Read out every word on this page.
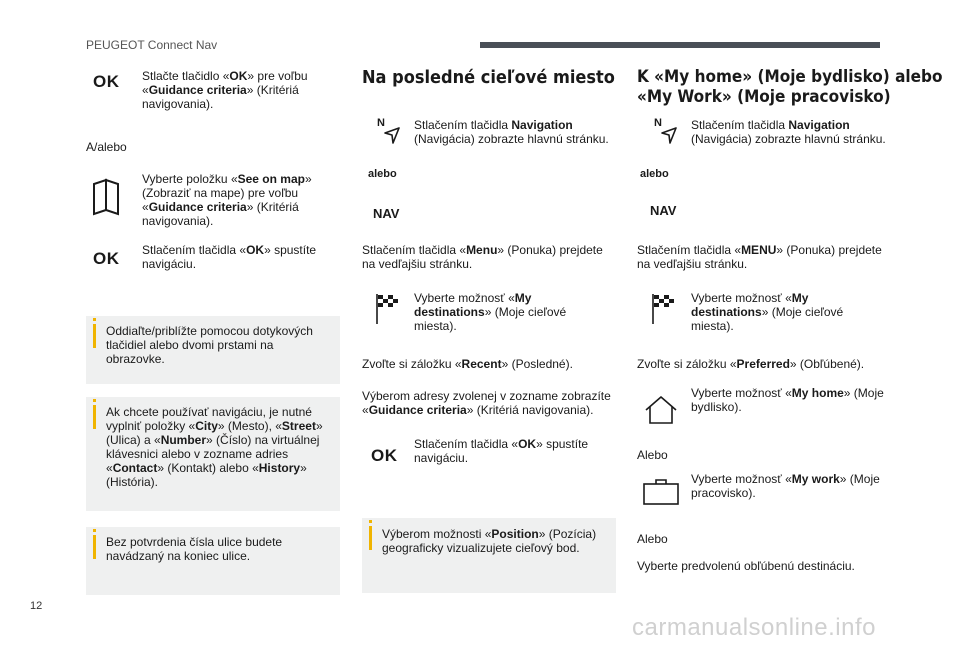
PEUGEOT Connect Nav
OK Stlačte tlačidlo «OK» pre voľbu «Guidance criteria» (Kritériá navigovania).

A/alebo

Vyberte položku «See on map» (Zobraziť na mape) pre voľbu «Guidance criteria» (Kritériá navigovania).

OK Stlačením tlačidla «OK» spustíte navigáciu.

Oddiaľte/priblížte pomocou dotykových tlačidiel alebo dvomi prstami na obrazovke.
Ak chcete používať navigáciu, je nutné vyplniť položky «City» (Mesto), «Street» (Ulica) a «Number» (Číslo) na virtuálnej klávesnici alebo v zozname adries «Contact» (Kontakt) alebo «History» (História).
Bez potvrdenia čísla ulice budete navádzaný na koniec ulice.
Na posledné cieľové miesto
N Stlačením tlačidla Navigation (Navigácia) zobrazte hlavnú stránku.

alebo
NAV

Stlačením tlačidla «Menu» (Ponuka) prejdete na vedľajšiu stránku.

Vyberte možnosť «My destinations» (Moje cieľové miesta).

Zvoľte si záložku «Recent» (Posledné).

Výberom adresy zvolenej v zozname zobrazíte «Guidance criteria» (Kritériá navigovania).

OK

Stlačením tlačidla «OK» spustíte navigáciu.

Výberom možnosti «Position» (Pozícia) geograficky vizualizujete cieľový bod.
K «My home» (Moje bydlisko) alebo
«My Work» (Moje pracovisko)
N Stlačením tlačidla Navigation (Navigácia) zobrazte hlavnú stránku.

alebo
NAV

Stlačením tlačidla «MENU» (Ponuka) prejdete na vedľajšiu stránku.

Vyberte možnosť «My destinations» (Moje cieľové miesta).

Zvoľte si záložku «Preferred» (Obľúbené).

Vyberte možnosť «My home» (Moje bydlisko).

Alebo

Vyberte možnosť «My work» (Moje pracovisko).

Alebo

Vyberte predvolenú obľúbenú destináciu.

12
carmanualsonline.info
